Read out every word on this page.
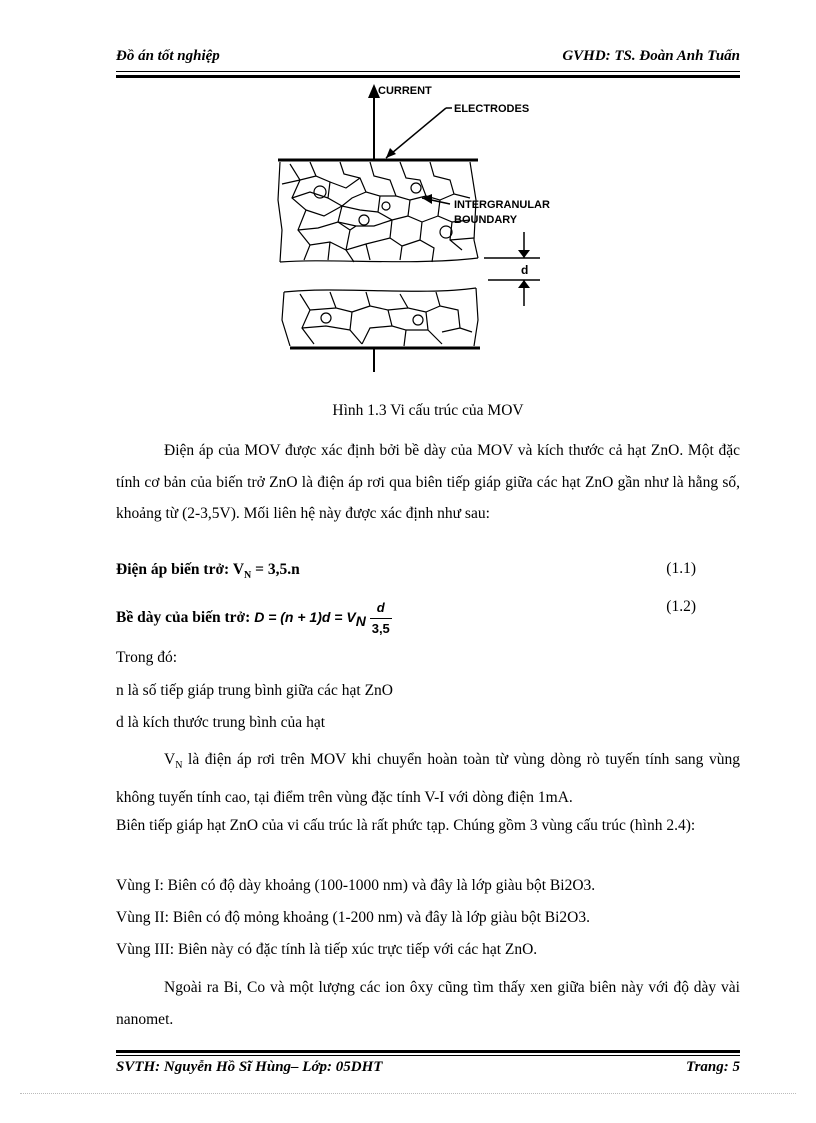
Đồ án tốt nghiệp	GVHD: TS. Đoàn Anh Tuấn
CURRENT
ELECTRODES
INTERGRANULAR
BOUNDARY
d

Hình 1.3 Vi cấu trúc của MOV

Điện áp của MOV được xác định bởi bề dày của MOV và kích thước cả hạt ZnO. Một đặc tính cơ bản của biến trở ZnO là điện áp rơi qua biên tiếp giáp giữa các hạt ZnO gần như là hằng số, khoảng từ (2-3,5V). Mối liên hệ này được xác định như sau:

Điện áp biến trở: $V_N = 3,5.n$	(1.1)

Bề dày của biến trở: $D = (n + 1)d = V_N \frac{d}{3,5}$	(1.2)

Trong đó:

n là số tiếp giáp trung bình giữa các hạt ZnO

d là kích thước trung bình của hạt

$V_N$ là điện áp rơi trên MOV khi chuyển hoàn toàn từ vùng dòng rò tuyến tính sang vùng không tuyến tính cao, tại điểm trên vùng đặc tính V-I với dòng điện 1mA.

Biên tiếp giáp hạt ZnO của vi cấu trúc là rất phức tạp. Chúng gồm 3 vùng cấu trúc (hình 2.4):

Vùng I: Biên có độ dày khoảng (100-1000 nm) và đây là lớp giàu bột Bi2O3.

Vùng II: Biên có độ mỏng khoảng (1-200 nm) và đây là lớp giàu bột Bi2O3.

Vùng III: Biên này có đặc tính là tiếp xúc trực tiếp với các hạt ZnO.

Ngoài ra Bi, Co và một lượng các ion ôxy cũng tìm thấy xen giữa biên này với độ dày vài nanomet.

SVTH: Nguyễn Hồ Sĩ Hùng– Lớp: 05DHT	Trang: 5
